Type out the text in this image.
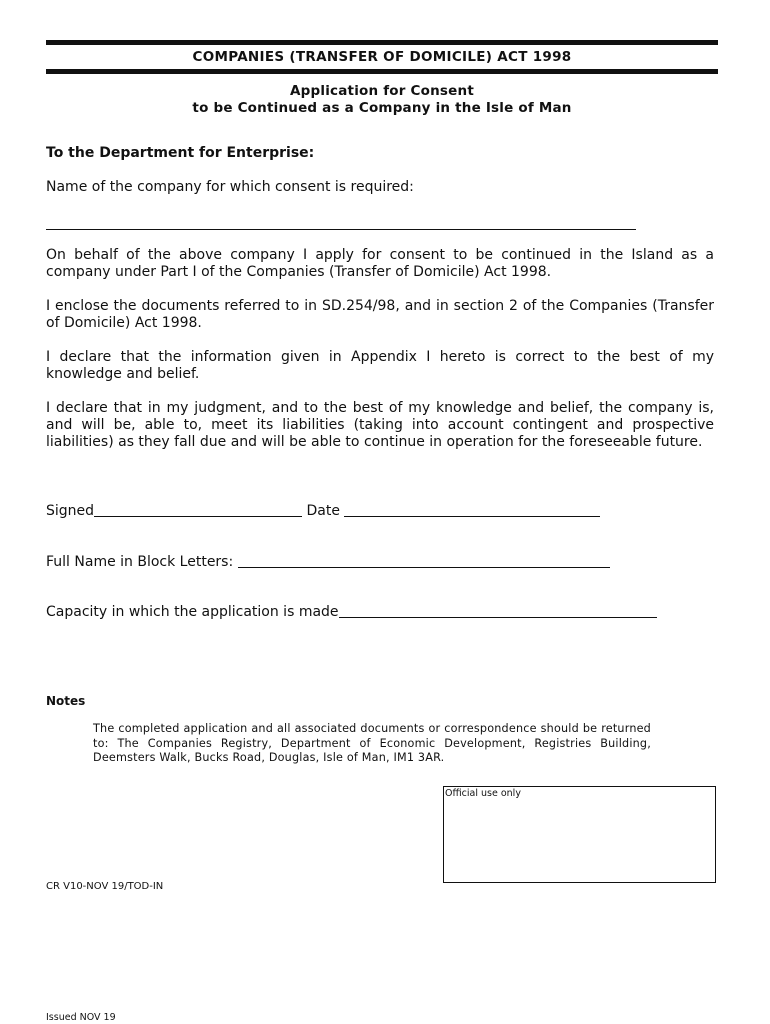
COMPANIES (TRANSFER OF DOMICILE) ACT 1998
Application for Consent
to be Continued as a Company in the Isle of Man
To the Department for Enterprise:
Name of the company for which consent is required:
On behalf of the above company I apply for consent to be continued in the Island as a company under Part I of the Companies (Transfer of Domicile) Act 1998.
I enclose the documents referred to in SD.254/98, and in section 2 of the Companies (Transfer of Domicile) Act 1998.
I declare that the information given in Appendix I hereto is correct to the best of my knowledge and belief.
I declare that in my judgment, and to the best of my knowledge and belief, the company is, and will be, able to, meet its liabilities (taking into account contingent and prospective liabilities) as they fall due and will be able to continue in operation for the foreseeable future.
Signed	Date
Full Name in Block Letters:
Capacity in which the application is made
Notes
The completed application and all associated documents or correspondence should be returned to: The Companies Registry, Department of Economic Development, Registries Building, Deemsters Walk, Bucks Road, Douglas, Isle of Man, IM1 3AR.
Official use only
CR V10-NOV 19/TOD-IN
Issued NOV 19
